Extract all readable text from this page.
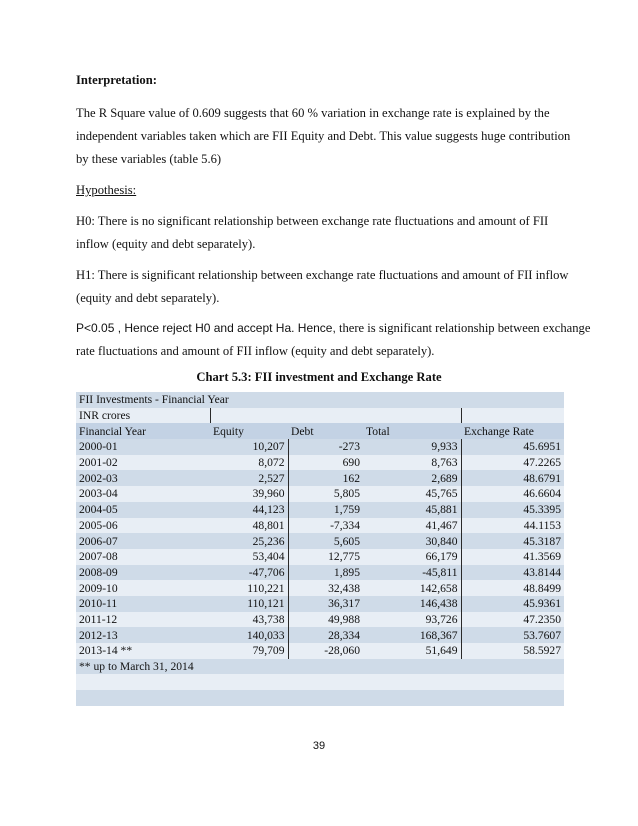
Interpretation:
The R Square value of 0.609 suggests that 60 % variation in exchange rate is explained by the
independent variables taken which are FII Equity and Debt. This value suggests huge contribution
by these variables (table 5.6)
Hypothesis:
H0: There is no significant relationship between exchange rate fluctuations and amount of FII
inflow (equity and debt separately).
H1: There is significant relationship between exchange rate fluctuations and amount of FII inflow
(equity and debt separately).
P<0.05 , Hence reject H0 and accept Ha. Hence, there is significant relationship between exchange
rate fluctuations and amount of FII inflow (equity and debt separately).
Chart 5.3: FII investment and Exchange Rate
FII Investments - Financial Year				
INR crores				
Financial Year	Equity	Debt	Total	Exchange Rate
2000-01	10,207	-273	9,933	45.6951
2001-02	8,072	690	8,763	47.2265
2002-03	2,527	162	2,689	48.6791
2003-04	39,960	5,805	45,765	46.6604
2004-05	44,123	1,759	45,881	45.3395
2005-06	48,801	-7,334	41,467	44.1153
2006-07	25,236	5,605	30,840	45.3187
2007-08	53,404	12,775	66,179	41.3569
2008-09	-47,706	1,895	-45,811	43.8144
2009-10	110,221	32,438	142,658	48.8499
2010-11	110,121	36,317	146,438	45.9361
2011-12	43,738	49,988	93,726	47.2350
2012-13	140,033	28,334	168,367	53.7607
2013-14 **	79,709	-28,060	51,649	58.5927
** up to March 31, 2014				

39
